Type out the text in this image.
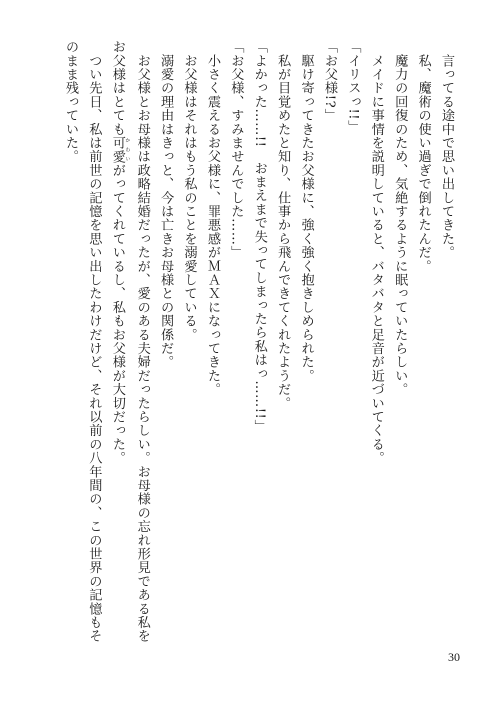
　言ってる途中で思い出してきた。
　私、魔術の使い過ぎで倒れたんだ。
　魔力の回復のため、気絶するように眠っていたらしい。
　メイドに事情を説明していると、バタバタと足音が近づいてくる。
「イリスっ!!」
「お父様!?」
　駆け寄ってきたお父様に、強く強く抱きしめられた。
　私が目覚めたと知り、仕事から飛んできてくれたようだ。
「よかった……!!　おまえまで失ってしまったら私はっ……!!」
「お父様、すみませんでした……」
　小さく震えるお父様に、罪悪感がＭＡＸになってきた。
　お父様はそれはもう私のことを溺愛している。
　溺愛の理由はきっと、今は亡きお母様との関係だ。
　お父様とお母様は政略結婚だったが、愛のある夫婦だったらしい。お母様の忘れ形見である私を
お父様はとても可愛 かわいがってくれているし、私もお父様が大切だった。
　つい先日、私は前世の記憶を思い出したわけだけど、それ以前の八年間の、この世界の記憶もそ
のまま残っていた。
30
